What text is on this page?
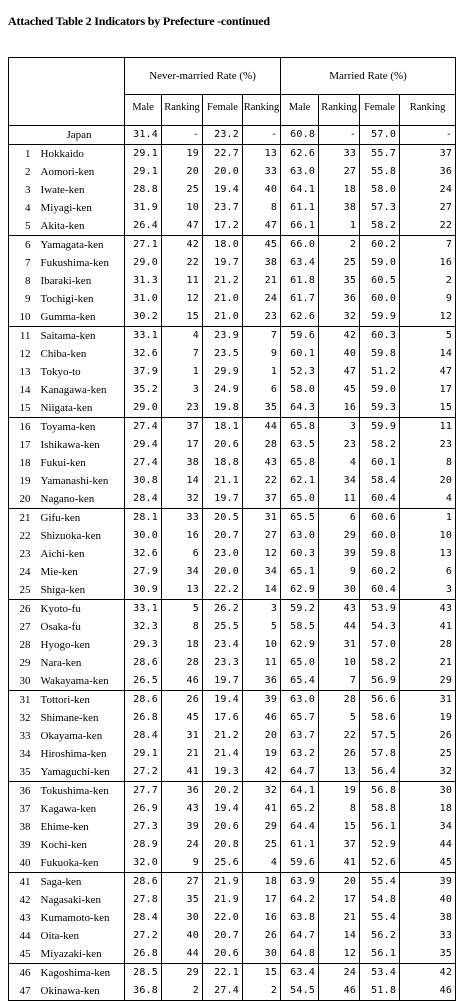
Attached Table 2 Indicators by Prefecture -continued
		Never-married Rate (%)				Married Rate (%)			
		Male	Ranking	Female	Ranking	Male	Ranking	Female	Ranking

	Japan	31.4	-	23.2	-	60.8	-	57.0	-
1	Hokkaido	29.1	19	22.7	13	62.6	33	55.7	37
2	Aomori-ken	29.1	20	20.0	33	63.0	27	55.8	36
3	Iwate-ken	28.8	25	19.4	40	64.1	18	58.0	24
4	Miyagi-ken	31.9	10	23.7	8	61.1	38	57.3	27
5	Akita-ken	26.4	47	17.2	47	66.1	1	58.2	22
6	Yamagata-ken	27.1	42	18.0	45	66.0	2	60.2	7
7	Fukushima-ken	29.0	22	19.7	38	63.4	25	59.0	16
8	Ibaraki-ken	31.3	11	21.2	21	61.8	35	60.5	2
9	Tochigi-ken	31.0	12	21.0	24	61.7	36	60.0	9
10	Gumma-ken	30.2	15	21.0	23	62.6	32	59.9	12
11	Saitama-ken	33.1	4	23.9	7	59.6	42	60.3	5
12	Chiba-ken	32.6	7	23.5	9	60.1	40	59.8	14
13	Tokyo-to	37.9	1	29.9	1	52.3	47	51.2	47
14	Kanagawa-ken	35.2	3	24.9	6	58.0	45	59.0	17
15	Niigata-ken	29.0	23	19.8	35	64.3	16	59.3	15
16	Toyama-ken	27.4	37	18.1	44	65.8	3	59.9	11
17	Ishikawa-ken	29.4	17	20.6	28	63.5	23	58.2	23
18	Fukui-ken	27.4	38	18.8	43	65.8	4	60.1	8
19	Yamanashi-ken	30.8	14	21.1	22	62.1	34	58.4	20
20	Nagano-ken	28.4	32	19.7	37	65.0	11	60.4	4
21	Gifu-ken	28.1	33	20.5	31	65.5	6	60.6	1
22	Shizuoka-ken	30.0	16	20.7	27	63.0	29	60.0	10
23	Aichi-ken	32.6	6	23.0	12	60.3	39	59.8	13
24	Mie-ken	27.9	34	20.0	34	65.1	9	60.2	6
25	Shiga-ken	30.9	13	22.2	14	62.9	30	60.4	3
26	Kyoto-fu	33.1	5	26.2	3	59.2	43	53.9	43
27	Osaka-fu	32.3	8	25.5	5	58.5	44	54.3	41
28	Hyogo-ken	29.3	18	23.4	10	62.9	31	57.0	28
29	Nara-ken	28.6	28	23.3	11	65.0	10	58.2	21
30	Wakayama-ken	26.5	46	19.7	36	65.4	7	56.9	29
31	Tottori-ken	28.6	26	19.4	39	63.0	28	56.6	31
32	Shimane-ken	26.8	45	17.6	46	65.7	5	58.6	19
33	Okayama-ken	28.4	31	21.2	20	63.7	22	57.5	26
34	Hiroshima-ken	29.1	21	21.4	19	63.2	26	57.8	25
35	Yamaguchi-ken	27.2	41	19.3	42	64.7	13	56.4	32
36	Tokushima-ken	27.7	36	20.2	32	64.1	19	56.8	30
37	Kagawa-ken	26.9	43	19.4	41	65.2	8	58.8	18
38	Ehime-ken	27.3	39	20.6	29	64.4	15	56.1	34
39	Kochi-ken	28.9	24	20.8	25	61.1	37	52.9	44
40	Fukuoka-ken	32.0	9	25.6	4	59.6	41	52.6	45
41	Saga-ken	28.6	27	21.9	18	63.9	20	55.4	39
42	Nagasaki-ken	27.8	35	21.9	17	64.2	17	54.8	40
43	Kumamoto-ken	28.4	30	22.0	16	63.8	21	55.4	38
44	Oita-ken	27.2	40	20.7	26	64.7	14	56.2	33
45	Miyazaki-ken	26.8	44	20.6	30	64.8	12	56.1	35
46	Kagoshima-ken	28.5	29	22.1	15	63.4	24	53.4	42
47	Okinawa-ken	36.8	2	27.4	2	54.5	46	51.8	46
